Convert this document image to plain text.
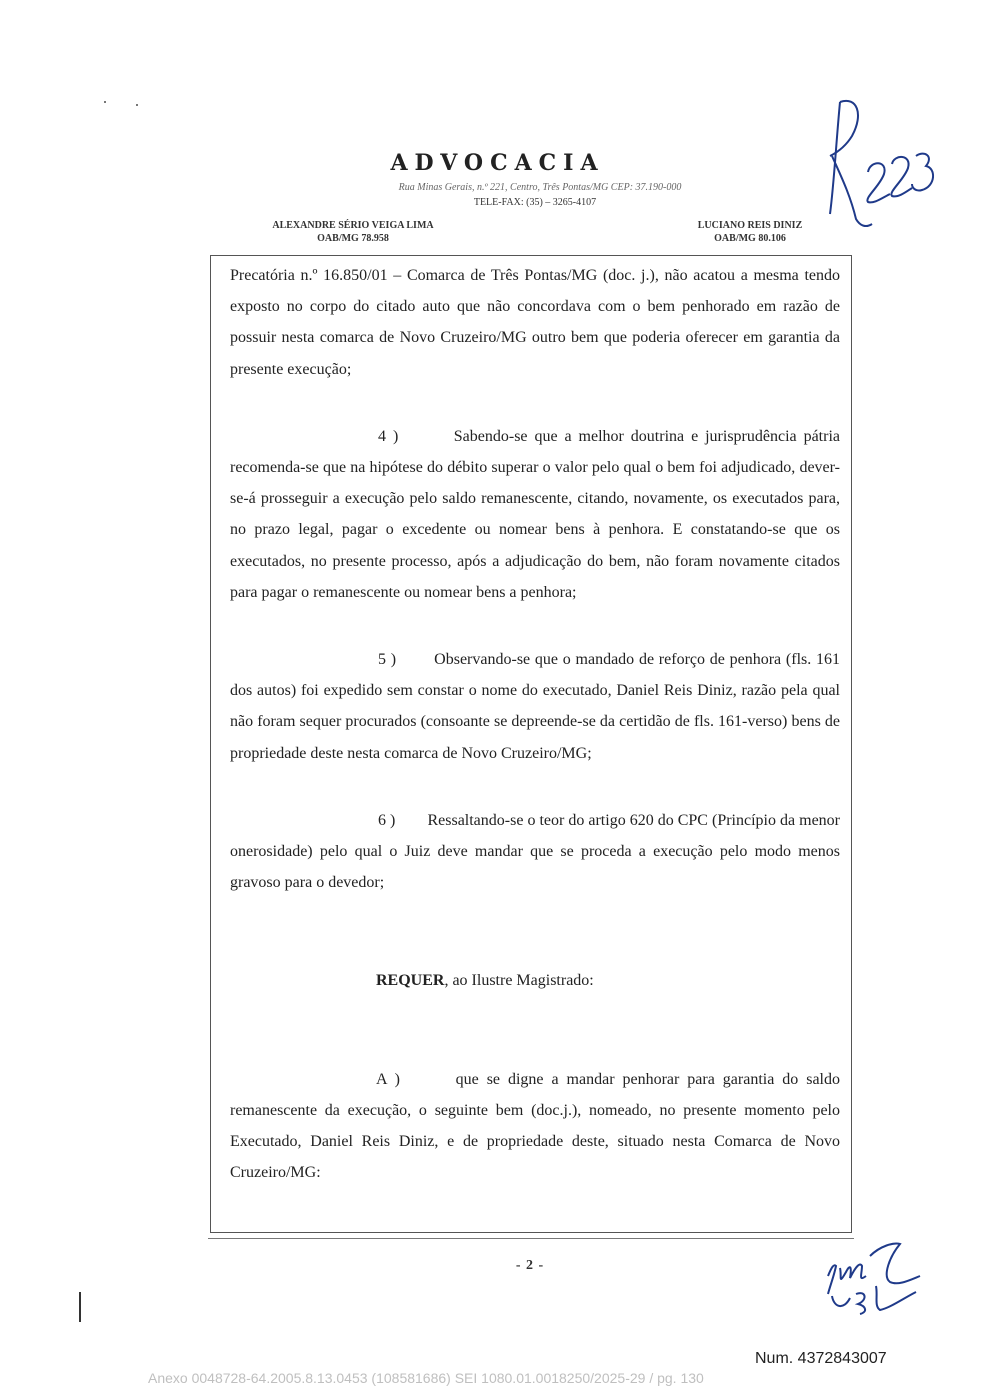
ADVOCACIA
Rua Minas Gerais, n.º 221, Centro, Três Pontas/MG CEP: 37.190-000
TELE-FAX: (35) – 3265-4107
ALEXANDRE SÉRIO VEIGA LIMA
OAB/MG 78.958
LUCIANO REIS DINIZ
OAB/MG 80.106

Precatória n.º 16.850/01 – Comarca de Três Pontas/MG (doc. j.), não acatou a mesma tendo exposto no corpo do citado auto que não concordava com o bem penhorado em razão de possuir nesta comarca de Novo Cruzeiro/MG outro bem que poderia oferecer em garantia da presente execução;

4 )        Sabendo-se que a melhor doutrina e jurisprudência pátria recomenda-se que na hipótese do débito superar o valor pelo qual o bem foi adjudicado, dever-se-á prosseguir a execução pelo saldo remanescente, citando, novamente, os executados para, no prazo legal, pagar o excedente ou nomear bens à penhora. E constatando-se que os executados, no presente processo, após a adjudicação do bem, não foram novamente citados para pagar o remanescente ou nomear bens a penhora;

5 )        Observando-se que o mandado de reforço de penhora (fls. 161 dos autos) foi expedido sem constar o nome do executado, Daniel Reis Diniz, razão pela qual não foram sequer procurados (consoante se depreende-se da certidão de fls. 161-verso) bens de propriedade deste nesta comarca de Novo Cruzeiro/MG;

6 )        Ressaltando-se o teor do artigo 620 do CPC (Princípio da menor onerosidade) pelo qual o Juiz deve mandar que se proceda a execução pelo modo menos gravoso para o devedor;

REQUER, ao Ilustre Magistrado:

A )       que se digne a mandar penhorar para garantia do saldo remanescente da execução, o seguinte bem (doc.j.), nomeado, no presente momento pelo Executado, Daniel Reis Diniz, e de propriedade deste, situado nesta Comarca de Novo Cruzeiro/MG:

- 2 -
Num. 4372843007
Anexo 0048728-64.2005.8.13.0453 (108581686) SEI 1080.01.0018250/2025-29 / pg. 130
